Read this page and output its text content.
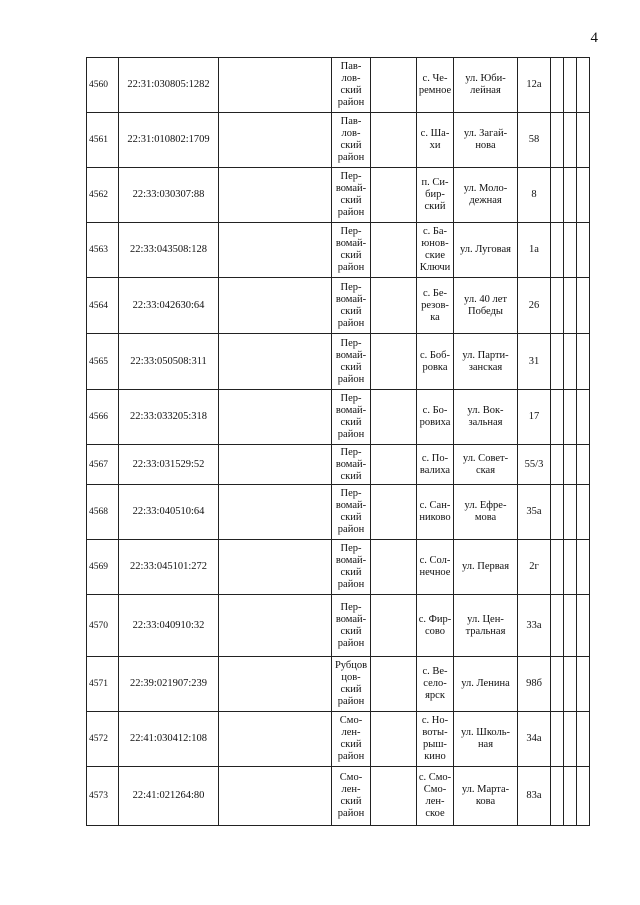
4
4560	22:31:030805:1282		Пав-
лов-
ский
район		с. Че-
ремное	ул. Юби-
лейная	12а			
4561	22:31:010802:1709		Пав-
лов-
ский
район		с. Ша-
хи	ул. Загай-
нова	58			
4562	22:33:030307:88		Пер-
вомай-
ский
район		п. Си-
бир-
ский	ул. Моло-
дежная	8			
4563	22:33:043508:128		Пер-
вомай-
ский
район		с. Ба-
юнов-
ские
Ключи	ул. Луговая	1а			
4564	22:33:042630:64		Пер-
вомай-
ский
район		с. Бе-
резов-
ка	ул. 40 лет
Победы	26			
4565	22:33:050508:311		Пер-
вомай-
ский
район		с. Боб-
ровка	ул. Парти-
занская	31			
4566	22:33:033205:318		Пер-
вомай-
ский
район		с. Бо-
ровиха	ул. Вок-
зальная	17			
4567	22:33:031529:52		Пер-
вомай-
ский		с. По-
валиха	ул. Совет-
ская	55/3			
4568	22:33:040510:64		Пер-
вомай-
ский
район		с. Сан-
никово	ул. Ефре-
мова	35а			
4569	22:33:045101:272		Пер-
вомай-
ский
район		с. Сол-
нечное	ул. Первая	2г			
4570	22:33:040910:32		Пер-
вомай-
ский
район		с. Фир-
сово	ул. Цен-
тральная	33а			
4571	22:39:021907:239		Рубцов
цов-
ский
район		с. Ве-
село-
ярск	ул. Ленина	98б			
4572	22:41:030412:108		Смо-
лен-
ский
район		с. Но-
воты-
рыш-
кино	ул. Школь-
ная	34а			
4573	22:41:021264:80		Смо-
лен-
ский
район		с. Смо-
Смо-
лен-
ское	ул. Марта-
кова	83а			
